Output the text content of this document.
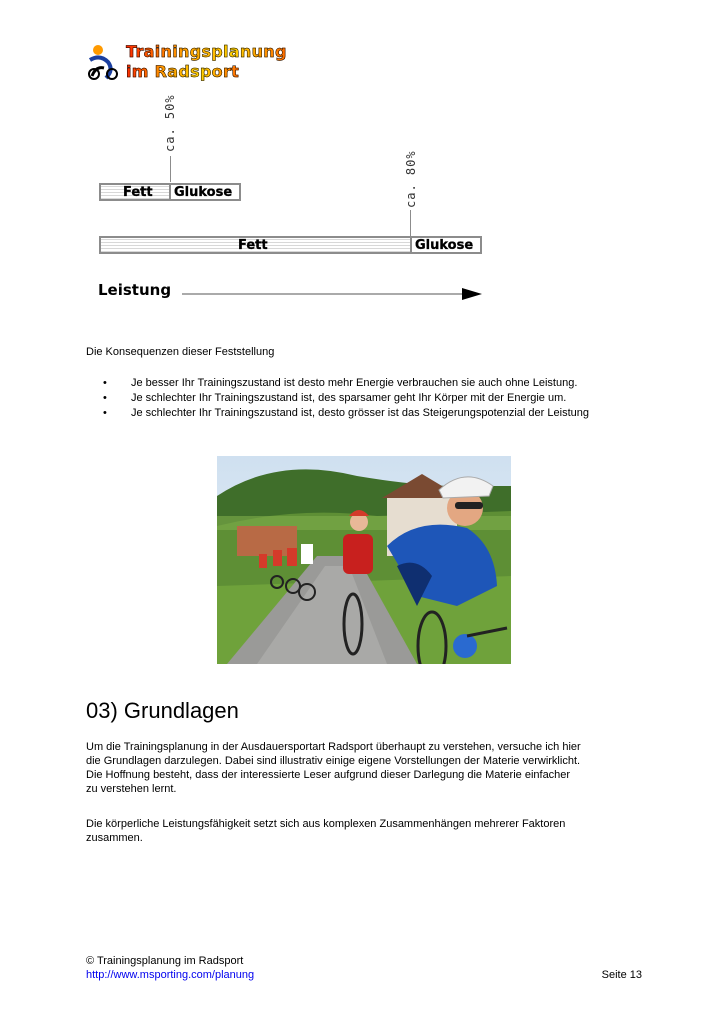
Trainingsplanung
im Radsport
ca. 50%
ca. 80%
Fett Glukose
Fett	Glukose
Leistung
Die Konsequenzen dieser Feststellung
• Je besser Ihr Trainingszustand ist desto mehr Energie verbrauchen sie auch ohne Leistung.
• Je schlechter Ihr Trainingszustand ist, des sparsamer geht Ihr Körper mit der Energie um.
• Je schlechter Ihr Trainingszustand ist, desto grösser ist das Steigerungspotenzial der Leistung
03) Grundlagen
Um die Trainingsplanung in der Ausdauersportart Radsport überhaupt zu verstehen, versuche ich hier
die Grundlagen darzulegen. Dabei sind illustrativ einige eigene Vorstellungen der Materie verwirklicht.
Die Hoffnung besteht, dass der interessierte Leser aufgrund dieser Darlegung die Materie einfacher
zu verstehen lernt.
Die körperliche Leistungsfähigkeit setzt sich aus komplexen Zusammenhängen mehrerer Faktoren
zusammen.
© Trainingsplanung im Radsport
http://www.msporting.com/planung	Seite 13
